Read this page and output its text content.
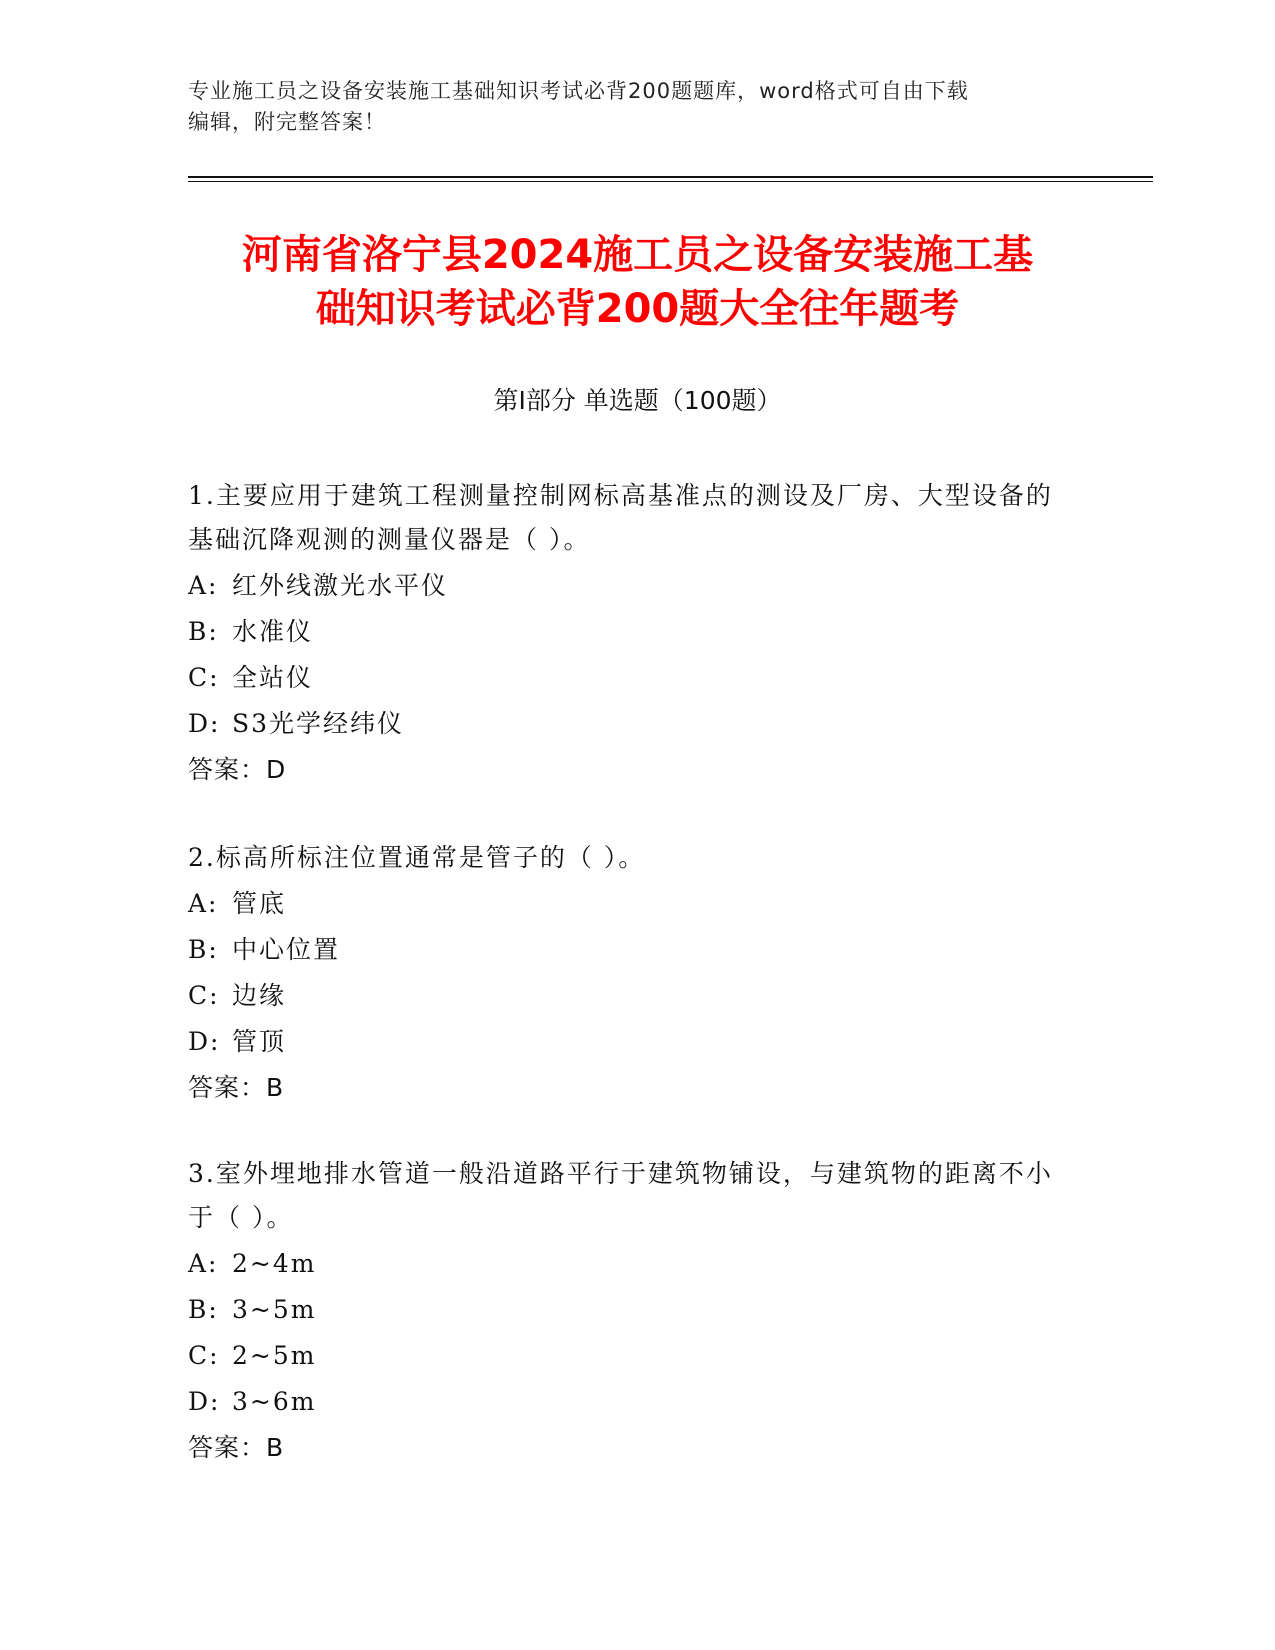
专业施工员之设备安装施工基础知识考试必背200题题库，word格式可自由下载
编辑，附完整答案！
河南省洛宁县2024施工员之设备安装施工基
础知识考试必背200题大全往年题考
第Ⅰ部分 单选题（100题）

1.主要应用于建筑工程测量控制网标高基准点的测设及厂房、大型设备的基础沉降观测的测量仪器是（ ）。

A: 红外线激光水平仪
B: 水准仪
C: 全站仪
D: S3光学经纬仪
答案：D

2.标高所标注位置通常是管子的（ ）。

A: 管底
B: 中心位置
C: 边缘
D: 管顶
答案：B

3.室外埋地排水管道一般沿道路平行于建筑物铺设，与建筑物的距离不小于（ ）。

A: 2~4m
B: 3~5m
C: 2~5m
D: 3~6m
答案：B
